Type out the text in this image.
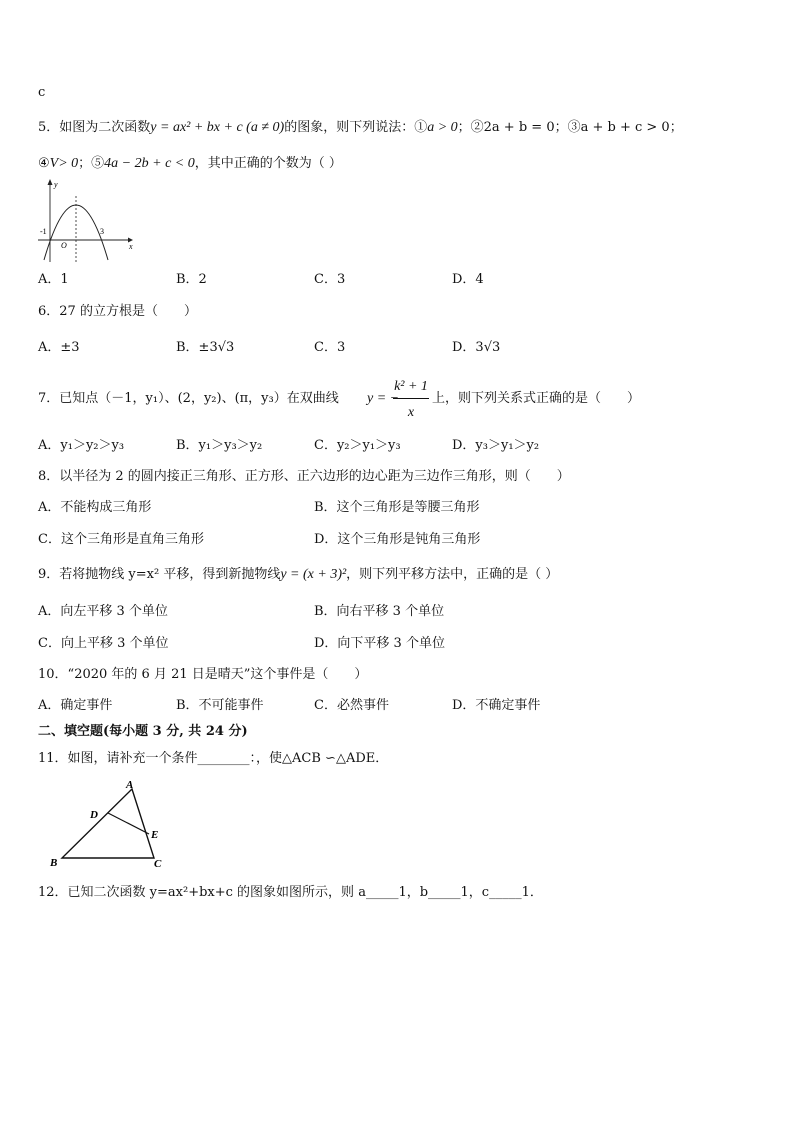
c
5．如图为二次函数y = ax² + bx + c (a ≠ 0)的图象，则下列说法：①a > 0；②2a + b = 0；③a + b + c > 0；
④V> 0；⑤4a − 2b + c < 0，其中正确的个数为（ ）
y
x
-1
O
3
A．1	B．2	C．3	D．4
6．27 的立方根是（　　）
A．±3	B．±3√3	C．3	D．3√3
7．已知点（－1，y₁）、(2，y₂)、(π，y₃）在双曲线 y = −
k² + 1
x
上，则下列关系式正确的是（　　）
A．y₁＞y₂＞y₃	B．y₁＞y₃＞y₂	C．y₂＞y₁＞y₃	D．y₃＞y₁＞y₂
8．以半径为 2 的圆内接正三角形、正方形、正六边形的边心距为三边作三角形，则（　　）
A．不能构成三角形	B．这个三角形是等腰三角形
C．这个三角形是直角三角形	D．这个三角形是钝角三角形
9．若将抛物线 y=x² 平移，得到新抛物线y = (x + 3)²，则下列平移方法中，正确的是（ ）
A．向左平移 3 个单位	B．向右平移 3 个单位
C．向上平移 3 个单位	D．向下平移 3 个单位
10．“2020 年的 6 月 21 日是晴天”这个事件是（　　）
A．确定事件	B．不可能事件	C．必然事件	D．不确定事件
二、填空题(每小题 3 分, 共 24 分)
11．如图，请补充一个条件________：，使△ACB ∽△ADE．
A
B	C
D
E
12．已知二次函数 y=ax²+bx+c 的图象如图所示，则 a_____1，b_____1，c_____1．
